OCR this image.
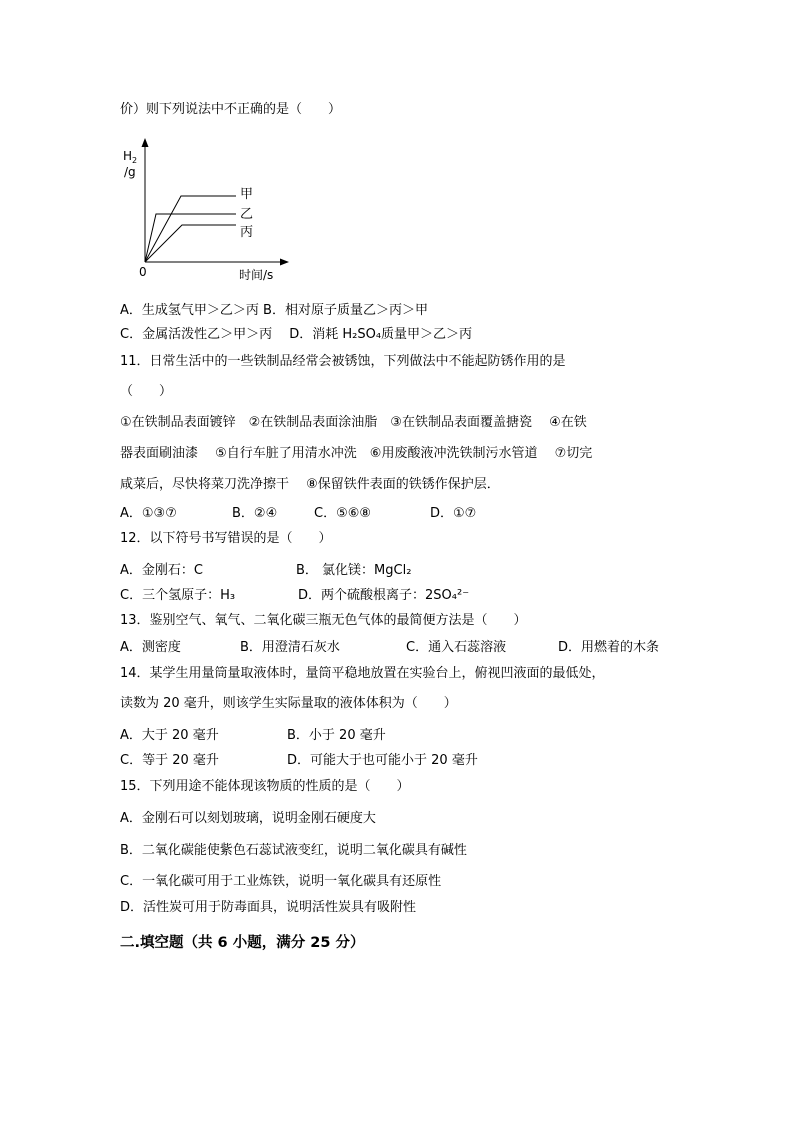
价）则下列说法中不正确的是（　　）
$H_2$
/g
0	时间/s
甲
乙
丙
A．生成氢气甲＞乙＞丙 B．相对原子质量乙＞丙＞甲
C．金属活泼性乙＞甲＞丙　 D．消耗 H₂SO₄质量甲＞乙＞丙
11．日常生活中的一些铁制品经常会被锈蚀，下列做法中不能起防锈作用的是
（　　）
①在铁制品表面镀锌　②在铁制品表面涂油脂　③在铁制品表面覆盖搪瓷　 ④在铁
器表面刷油漆　 ⑤自行车脏了用清水冲洗　⑥用废酸液冲洗铁制污水管道　 ⑦切完
咸菜后，尽快将菜刀洗净擦干　 ⑧保留铁件表面的铁锈作保护层．
A．①③⑦	B．②④	C．⑤⑥⑧	D．①⑦
12．以下符号书写错误的是（　　）
A．金刚石：C	B． 氯化镁：MgCl₂
C．三个氢原子：H₃	D．两个硫酸根离子：2SO₄²⁻
13．鉴别空气、氧气、二氧化碳三瓶无色气体的最简便方法是（　　）
A．测密度	B．用澄清石灰水	C．通入石蕊溶液	D．用燃着的木条
14．某学生用量筒量取液体时，量筒平稳地放置在实验台上，俯视凹液面的最低处，
读数为 20 毫升，则该学生实际量取的液体体积为（　　）
A．大于 20 毫升	B．小于 20 毫升
C．等于 20 毫升	D．可能大于也可能小于 20 毫升
15．下列用途不能体现该物质的性质的是（　　）
A．金刚石可以刻划玻璃，说明金刚石硬度大
B．二氧化碳能使紫色石蕊试液变红，说明二氧化碳具有碱性
C．一氧化碳可用于工业炼铁，说明一氧化碳具有还原性
D．活性炭可用于防毒面具，说明活性炭具有吸附性
二.填空题（共 6 小题，满分 25 分）
